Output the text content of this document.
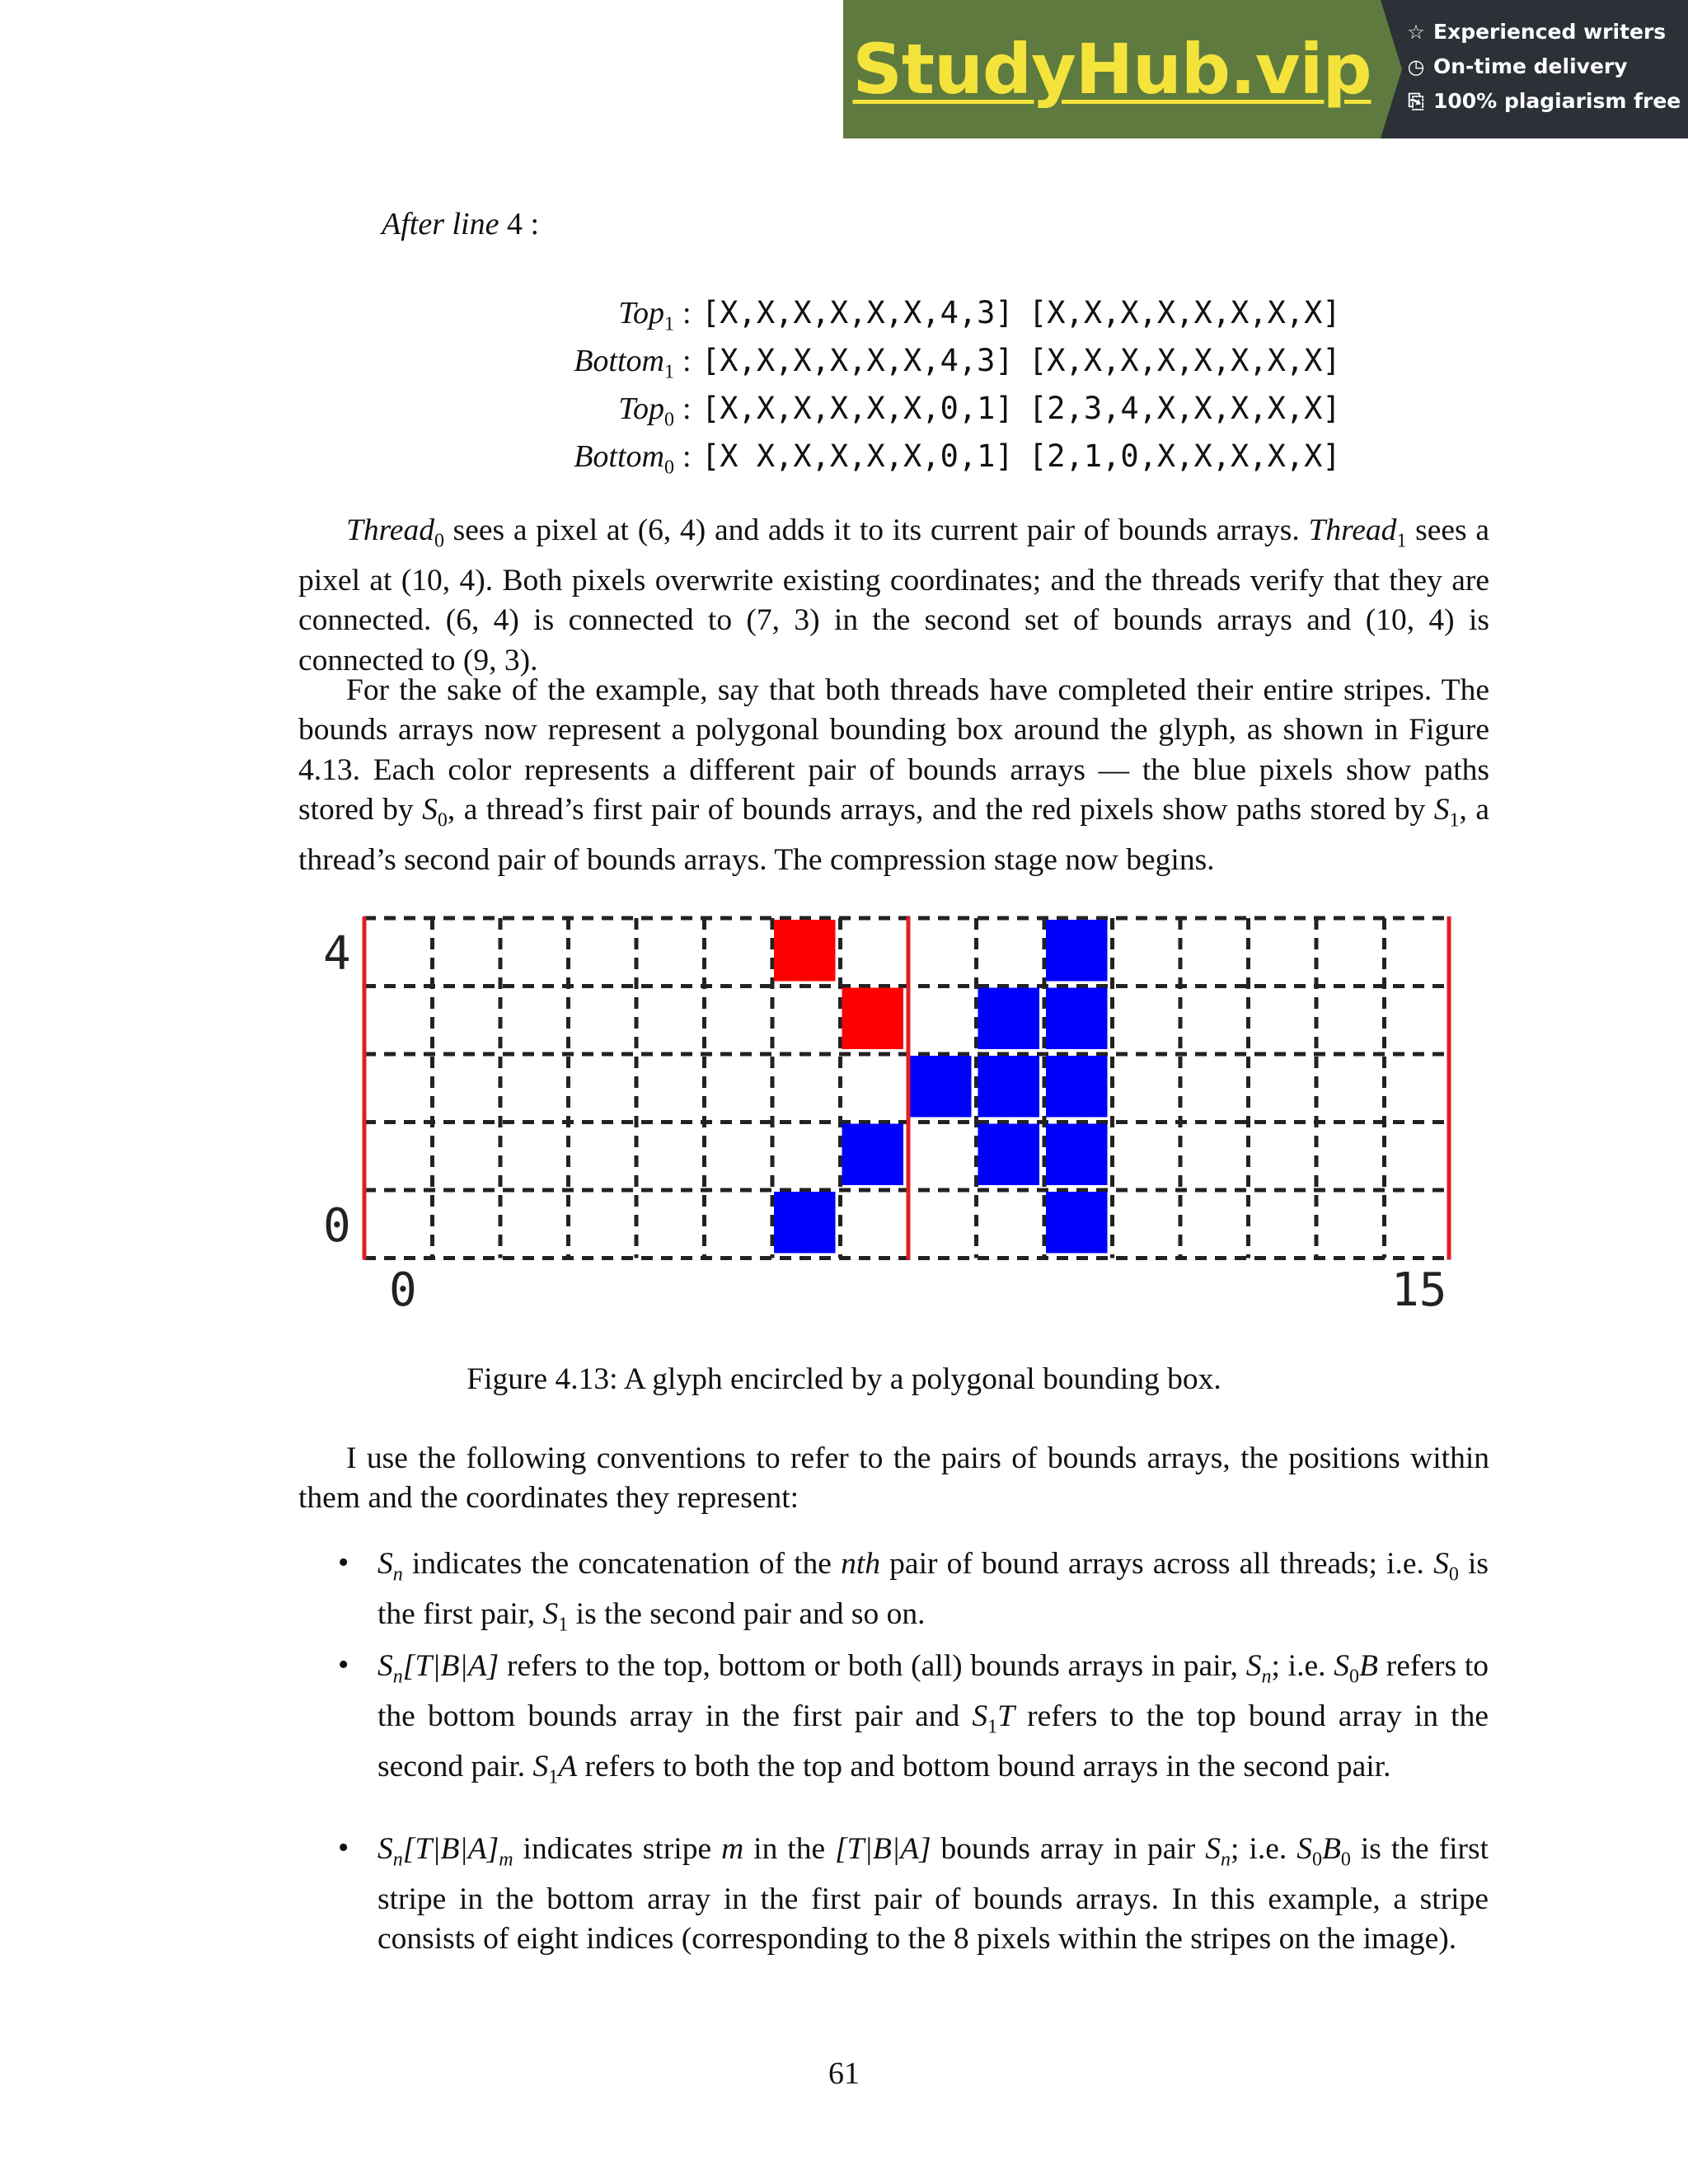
StudyHub.vip ☆ Experienced writers
◷ On-time delivery
⎘ 100% plagiarism free
After line 4 :
Top$_1$ : [X,X,X,X,X,X,4,3] [X,X,X,X,X,X,X,X]
Bottom$_1$ : [X,X,X,X,X,X,4,3] [X,X,X,X,X,X,X,X]
Top$_0$ : [X,X,X,X,X,X,0,1] [2,3,4,X,X,X,X,X]
Bottom$_0$ : [X X,X,X,X,X,0,1] [2,1,0,X,X,X,X,X]
Thread$_0$ sees a pixel at (6, 4) and adds it to its current pair of bounds arrays. Thread$_1$ sees a pixel at (10, 4). Both pixels overwrite existing coordinates; and the threads verify that they are connected. (6, 4) is connected to (7, 3) in the second set of bounds arrays and (10, 4) is connected to (9, 3).
For the sake of the example, say that both threads have completed their entire stripes. The bounds arrays now represent a polygonal bounding box around the glyph, as shown in Figure 4.13. Each color represents a different pair of bounds arrays — the blue pixels show paths stored by $S_0$, a thread’s first pair of bounds arrays, and the red pixels show paths stored by $S_1$, a thread’s second pair of bounds arrays. The compression stage now begins.
4
0
0	15
Figure 4.13: A glyph encircled by a polygonal bounding box.
I use the following conventions to refer to the pairs of bounds arrays, the positions within them and the coordinates they represent:
• $S_n$ indicates the concatenation of the nth pair of bound arrays across all threads; i.e. $S_0$ is the first pair, $S_1$ is the second pair and so on.
• $S_n[T|B|A]$ refers to the top, bottom or both (all) bounds arrays in pair, $S_n$; i.e. $S_0B$ refers to the bottom bounds array in the first pair and $S_1T$ refers to the top bound array in the second pair. $S_1A$ refers to both the top and bottom bound arrays in the second pair.
• $S_n[T|B|A]_m$ indicates stripe m in the [T|B|A] bounds array in pair $S_n$; i.e. $S_0B_0$ is the first stripe in the bottom array in the first pair of bounds arrays. In this example, a stripe consists of eight indices (corresponding to the 8 pixels within the stripes on the image).
61
